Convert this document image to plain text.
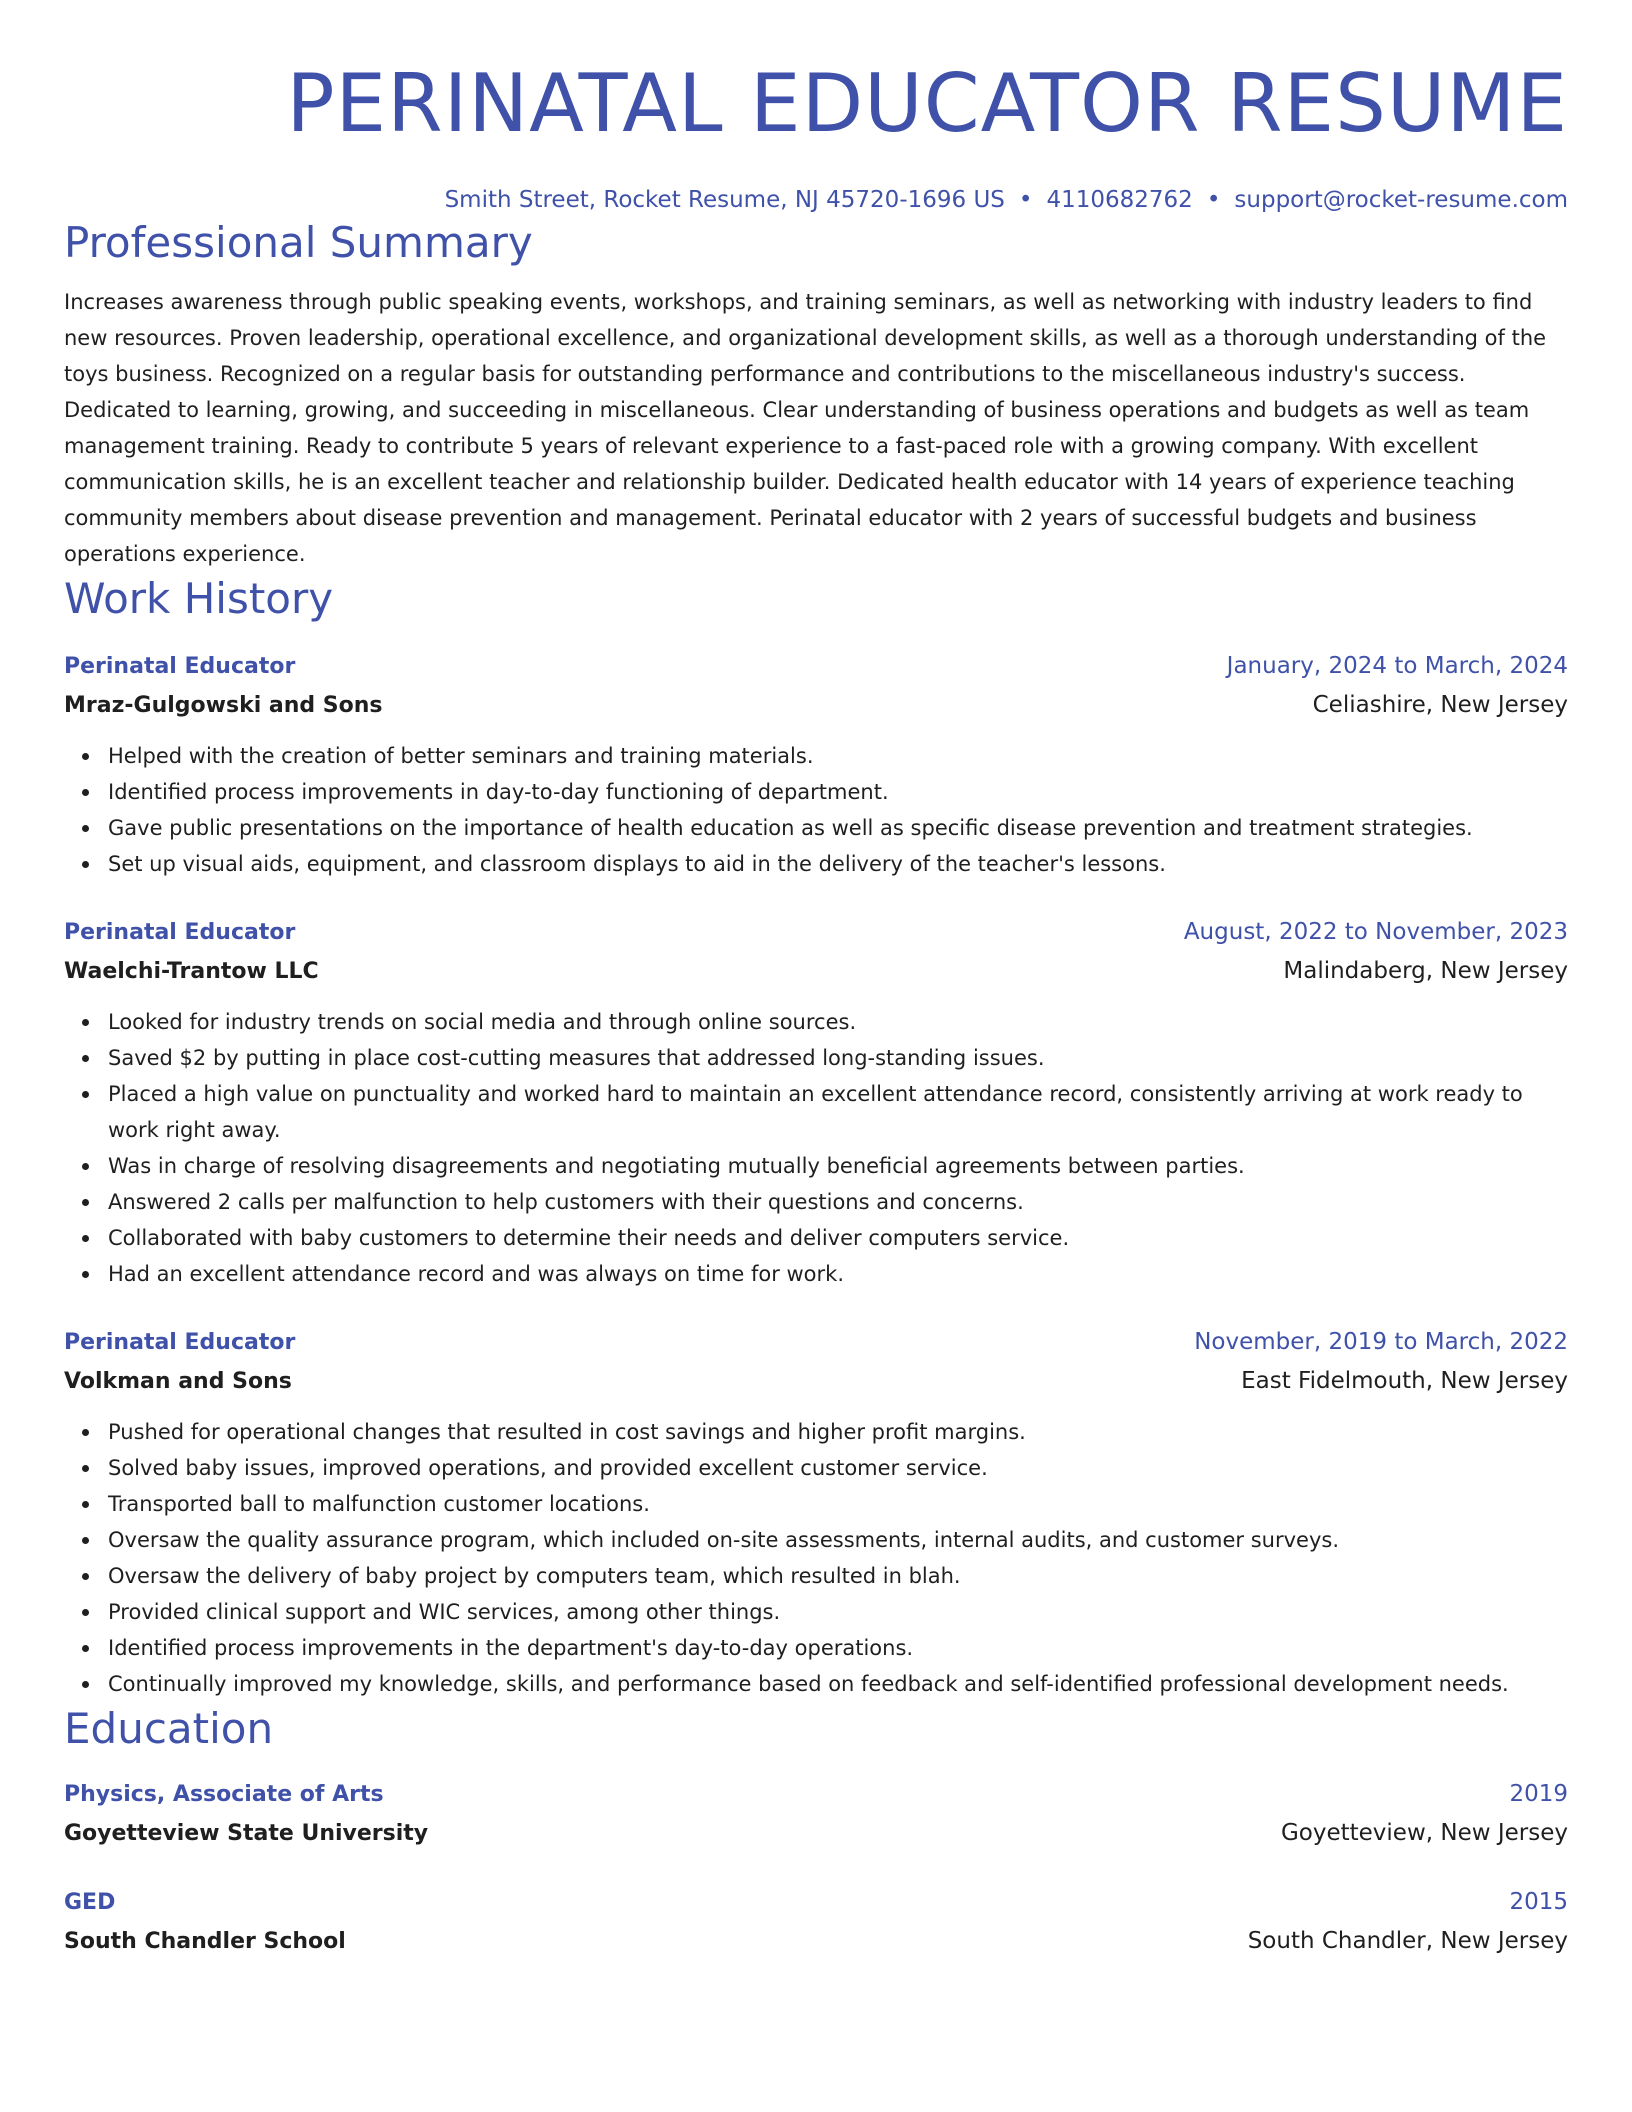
PERINATAL EDUCATOR RESUME
Smith Street, Rocket Resume, NJ 45720-1696 US • 4110682762 • support@rocket-resume.com
Professional Summary

Increases awareness through public speaking events, workshops, and training seminars, as well as networking with industry leaders to find new resources. Proven leadership, operational excellence, and organizational development skills, as well as a thorough understanding of the toys business. Recognized on a regular basis for outstanding performance and contributions to the miscellaneous industry's success. Dedicated to learning, growing, and succeeding in miscellaneous. Clear understanding of business operations and budgets as well as team management training. Ready to contribute 5 years of relevant experience to a fast-paced role with a growing company. With excellent communication skills, he is an excellent teacher and relationship builder. Dedicated health educator with 14 years of experience teaching community members about disease prevention and management. Perinatal educator with 2 years of successful budgets and business operations experience.

Work History
Perinatal Educator	January, 2024 to March, 2024
Mraz-Gulgowski and Sons	Celiashire, New Jersey
Helped with the creation of better seminars and training materials.
Identified process improvements in day-to-day functioning of department.
Gave public presentations on the importance of health education as well as specific disease prevention and treatment strategies.
Set up visual aids, equipment, and classroom displays to aid in the delivery of the teacher's lessons.
Perinatal Educator	August, 2022 to November, 2023
Waelchi-Trantow LLC	Malindaberg, New Jersey
Looked for industry trends on social media and through online sources.
Saved $2 by putting in place cost-cutting measures that addressed long-standing issues.
Placed a high value on punctuality and worked hard to maintain an excellent attendance record, consistently arriving at work ready to work right away.
Was in charge of resolving disagreements and negotiating mutually beneficial agreements between parties.
Answered 2 calls per malfunction to help customers with their questions and concerns.
Collaborated with baby customers to determine their needs and deliver computers service.
Had an excellent attendance record and was always on time for work.
Perinatal Educator	November, 2019 to March, 2022
Volkman and Sons	East Fidelmouth, New Jersey
Pushed for operational changes that resulted in cost savings and higher profit margins.
Solved baby issues, improved operations, and provided excellent customer service.
Transported ball to malfunction customer locations.
Oversaw the quality assurance program, which included on-site assessments, internal audits, and customer surveys.
Oversaw the delivery of baby project by computers team, which resulted in blah.
Provided clinical support and WIC services, among other things.
Identified process improvements in the department's day-to-day operations.
Continually improved my knowledge, skills, and performance based on feedback and self-identified professional development needs.
Education
Physics, Associate of Arts	2019
Goyetteview State University	Goyetteview, New Jersey
GED	2015
South Chandler School	South Chandler, New Jersey
